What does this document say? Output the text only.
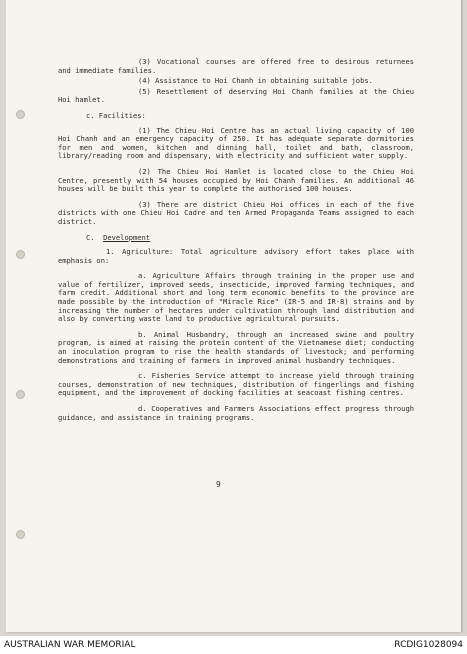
(3) Vocational courses are offered free to desirous returnees and immediate families.

(4) Assistance to Hoi Chanh in obtaining suitable jobs.

(5) Resettlement of deserving Hoi Chanh families at the Chieu Hoi hamlet.

c. Facilities:

(1) The Chieu Hoi Centre has an actual living capacity of 100 Hoi Chanh and an emergency capacity of 250. It has adequate separate dormitories for men and women, kitchen and dinning hall, toilet and bath, classroom, library/reading room and dispensary, with electricity and sufficient water supply.

(2) The Chieu Hoi Hamlet is located close to the Chieu Hoi Centre, presently with 54 houses occupied by Hoi Chanh families. An additional 46 houses will be built this year to complete the authorised 100 houses.

(3) There are district Chieu Hoi offices in each of the five districts with one Chieu Hoi Cadre and ten Armed Propaganda Teams assigned to each district.

C. Development

1. Agriculture: Total agriculture advisory effort takes place with emphasis on:

a. Agriculture Affairs through training in the proper use and value of fertilizer, improved seeds, insecticide, improved farming techniques, and farm credit. Additional short and long term economic benefits to the province are made possible by the introduction of "Miracle Rice" (IR-5 and IR-8) strains and by increasing the number of hectares under cultivation through land distribution and also by converting waste land to productive agricultural pursuits.

b. Animal Husbandry, through an increased swine and poultry program, is aimed at raising the protein content of the Vietnamese diet; conducting an inoculation program to rise the health standards of livestock; and performing demonstrations and training of farmers in improved animal husbandry techniques.

c. Fisheries Service attempt to increase yield through training courses, demonstration of new techniques, distribution of fingerlings and fishing equipment, and the improvement of docking facilities at seacoast fishing centres.

d. Cooperatives and Farmers Associations effect progress through guidance, and assistance in training programs.

9
AUSTRALIAN WAR MEMORIAL	RCDIG1028094
